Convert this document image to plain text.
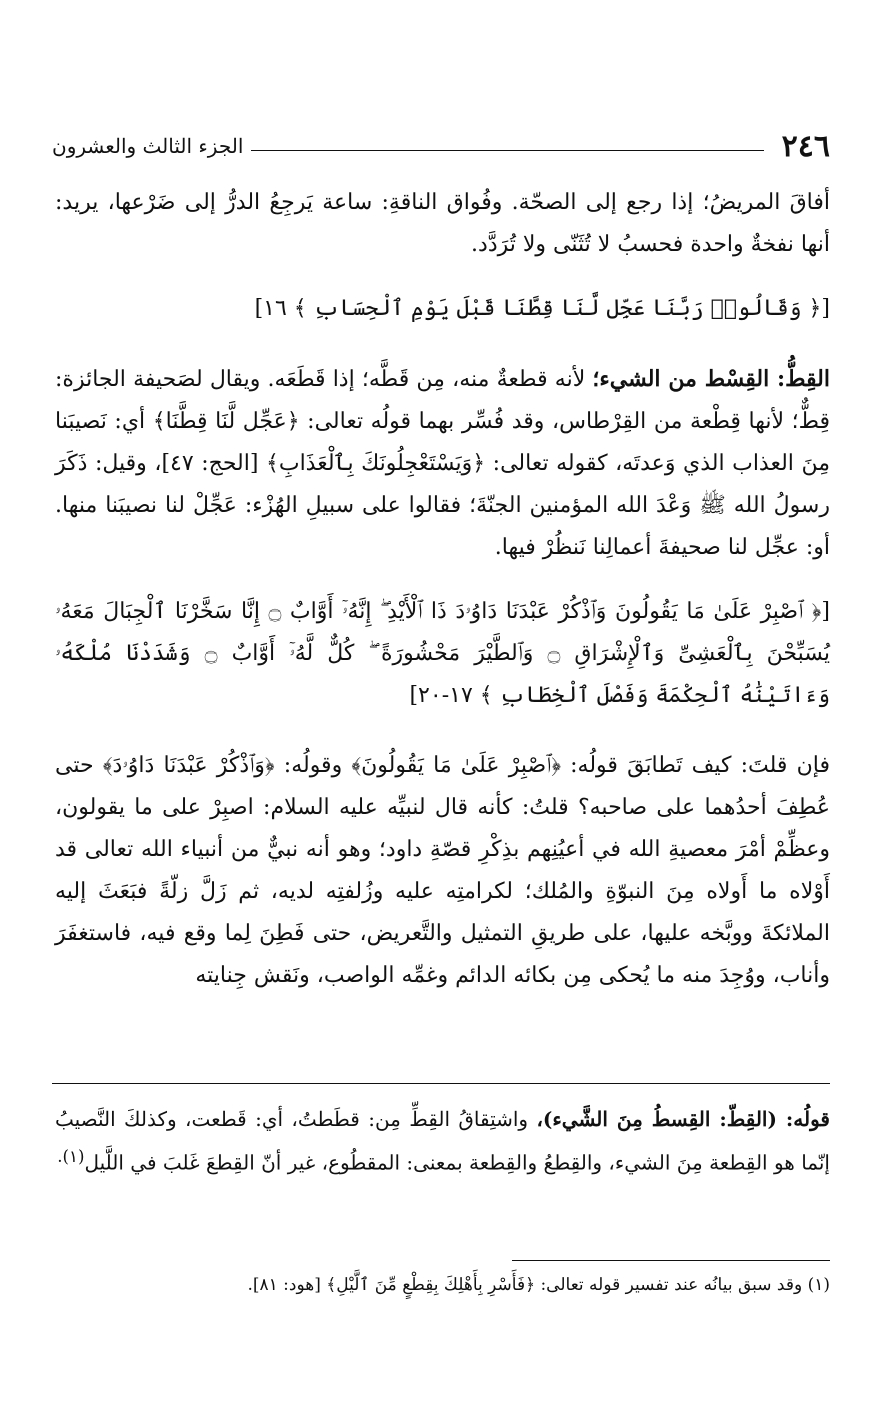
٢٤٦
الجزء الثالث والعشرون

أفاقَ المريضُ؛ إذا رجع إلى الصحّة. وفُواق الناقةِ: ساعة يَرجِعُ الدرُّ إلى ضَرْعها، يريد: أنها نفخةٌ واحدة فحسبُ لا تُثَنّى ولا تُرَدَّد.

[﴿ وَقَالُوا۟ رَبَّنَا عَجِّل لَّنَا قِطَّنَا قَبْلَ يَوْمِ ٱلْحِسَابِ ﴾ ١٦]

القِطُّ: القِسْط من الشيء؛ لأنه قطعةٌ منه، مِن قَطَّه؛ إذا قَطَعَه. ويقال لصَحيفة الجائزة: قِطٌّ؛ لأنها قِطْعة من القِرْطاس، وقد فُسِّر بهما قولُه تعالى: ﴿عَجِّل لَّنَا قِطَّنَا﴾ أي: نَصيبَنا مِنَ العذاب الذي وَعدتَه، كقوله تعالى: ﴿وَيَسْتَعْجِلُونَكَ بِٱلْعَذَابِ﴾ [الحج: ٤٧]، وقيل: ذَكَرَ رسولُ الله ﷺ وَعْدَ الله المؤمنين الجنّةَ؛ فقالوا على سبيلِ الهُزْء: عَجِّلْ لنا نصيبَنا منها. أو: عجِّل لنا صحيفةَ أعمالِنا نَنظُرْ فيها.

[﴿ ٱصْبِرْ عَلَىٰ مَا يَقُولُونَ وَٱذْكُرْ عَبْدَنَا دَاوُۥدَ ذَا ٱلْأَيْدِ ۖ إِنَّهُۥٓ أَوَّابٌ ۝ إِنَّا سَخَّرْنَا ٱلْجِبَالَ مَعَهُۥ يُسَبِّحْنَ بِٱلْعَشِىِّ وَٱلْإِشْرَاقِ ۝ وَٱلطَّيْرَ مَحْشُورَةً ۖ كُلٌّ لَّهُۥٓ أَوَّابٌ ۝ وَشَدَدْنَا مُلْكَهُۥ وَءَاتَيْنَٰهُ ٱلْحِكْمَةَ وَفَصْلَ ٱلْخِطَابِ ﴾ ١٧-٢٠]

فإن قلتَ: كيف تَطابَقَ قولُه: ﴿ٱصْبِرْ عَلَىٰ مَا يَقُولُونَ﴾ وقولُه: ﴿وَٱذْكُرْ عَبْدَنَا دَاوُۥدَ﴾ حتى عُطِفَ أحدُهما على صاحبه؟ قلتُ: كأنه قال لنبيِّه عليه السلام: اصبِرْ على ما يقولون، وعظِّمْ أمْرَ معصيةِ الله في أعيُنِهم بذِكْرِ قصّةِ داود؛ وهو أنه نبيٌّ من أنبياء الله تعالى قد أَوْلاه ما أَولاه مِنَ النبوّةِ والمُلك؛ لكرامتِه عليه وزُلفتِه لديه، ثم زَلَّ زلّةً فبَعَثَ إليه الملائكةَ ووبَّخه عليها، على طريقِ التمثيل والتَّعريض، حتى فَطِنَ لِما وقع فيه، فاستغفَرَ وأناب، ووُجِدَ منه ما يُحكى مِن بكائه الدائم وغمِّه الواصب، ونَقش جِنايته

قولُه: (القِطّ: القِسطُ مِنَ الشَّيء)، واشتِقاقُ القِطِّ مِن: قطَطتُ، أي: قَطعت، وكذلكَ النَّصيبُ إنّما هو القِطعة مِنَ الشيء، والقِطعُ والقِطعة بمعنى: المقطُوع، غير أنّ القِطعَ غَلبَ في اللَّيل$^{(١).}$

(١) وقد سبق بيانُه عند تفسير قوله تعالى: ﴿فَأَسْرِ بِأَهْلِكَ بِقِطْعٍ مِّنَ ٱلَّيْلِ﴾ [هود: ٨١].
